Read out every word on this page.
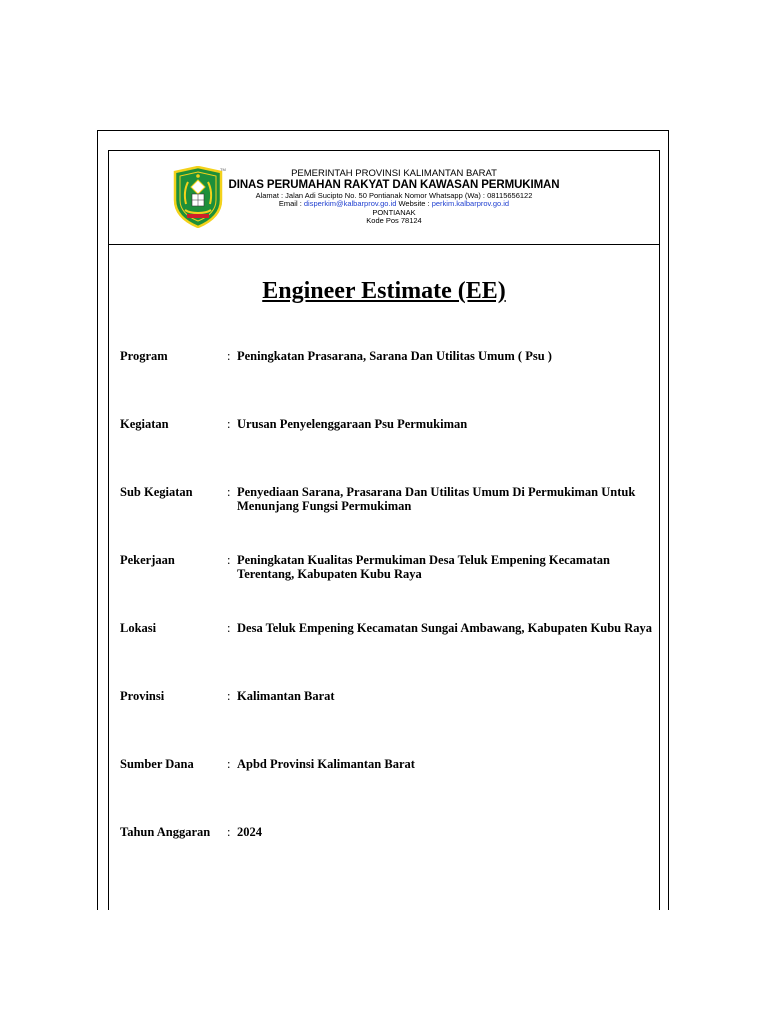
TM	PEMERINTAH PROVINSI KALIMANTAN BARAT
DINAS PERUMAHAN RAKYAT DAN KAWASAN PERMUKIMAN
Alamat : Jalan Adi Sucipto No. 50 Pontianak Nomor Whatsapp (Wa) : 08115656122
Email : disperkim@kalbarprov.go.id Website : perkim.kalbarprov.go.id
PONTIANAK
Kode Pos 78124
Engineer Estimate (EE)
Program	: Peningkatan Prasarana, Sarana Dan Utilitas Umum ( Psu )
Kegiatan	: Urusan Penyelenggaraan Psu Permukiman
Sub Kegiatan	: Penyediaan Sarana, Prasarana Dan Utilitas Umum Di Permukiman Untuk Menunjang Fungsi Permukiman
Pekerjaan	: Peningkatan Kualitas Permukiman Desa Teluk Empening Kecamatan Terentang, Kabupaten Kubu Raya
Lokasi	: Desa Teluk Empening Kecamatan Sungai Ambawang, Kabupaten Kubu Raya
Provinsi	: Kalimantan Barat
Sumber Dana	: Apbd Provinsi Kalimantan Barat
Tahun Anggaran	: 2024
